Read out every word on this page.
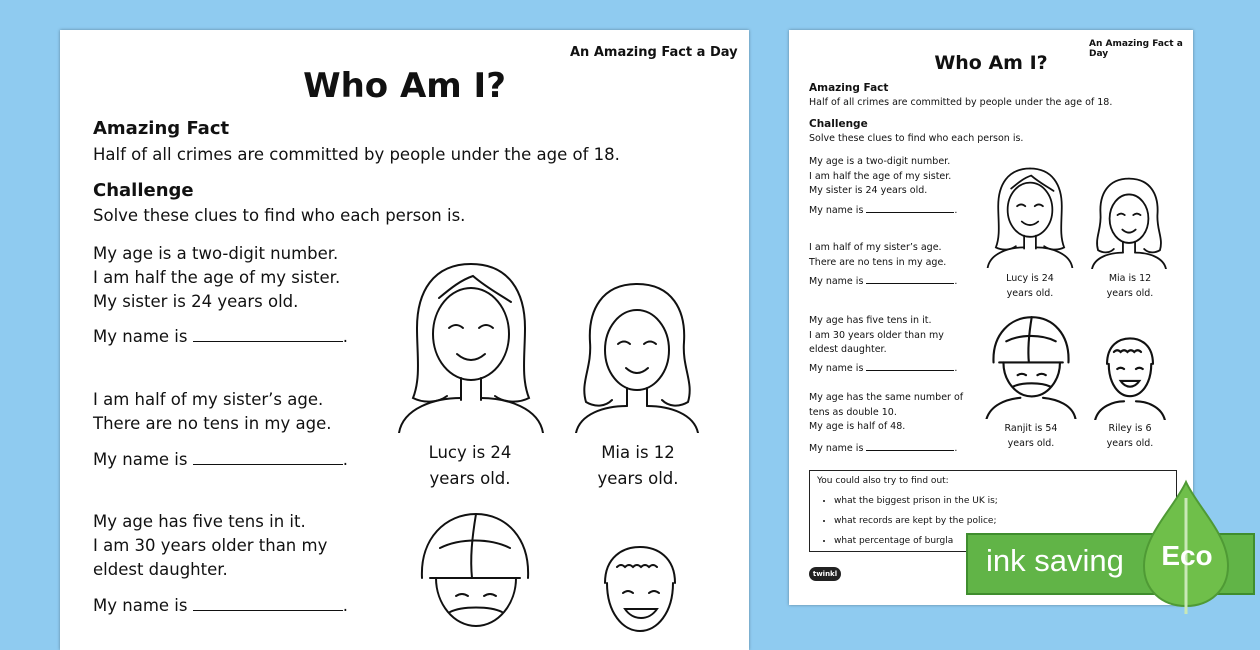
An Amazing Fact a Day
Who Am I?
Amazing Fact
Half of all crimes are committed by people under the age of 18.
Challenge
Solve these clues to find who each person is.
My age is a two-digit number.
I am half the age of my sister.
My sister is 24 years old.
My name is	.
I am half of my sister’s age.
There are no tens in my age.
My name is	.
My age has five tens in it.
I am 30 years older than my
eldest daughter.
My name is	.
Lucy is 24
years old.
Mia is 12
years old.
An Amazing Fact a Day
Who Am I?
Amazing Fact
Half of all crimes are committed by people under the age of 18.
Challenge
Solve these clues to find who each person is.
My age is a two-digit number.
I am half the age of my sister.
My sister is 24 years old.
My name is	.
I am half of my sister’s age.
There are no tens in my age.
My name is	.
My age has five tens in it.
I am 30 years older than my
eldest daughter.
My name is	.
My age has the same number of
tens as double 10.
My age is half of 48.
My name is	.
Lucy is 24
years old.
Mia is 12
years old.
Ranjit is 54
years old.
Riley is 6
years old.
You could also try to find out:
• what the biggest prison in the UK is;
• what records are kept by the police;
• what percentage of burgla
twinkl	ink saving Eco
